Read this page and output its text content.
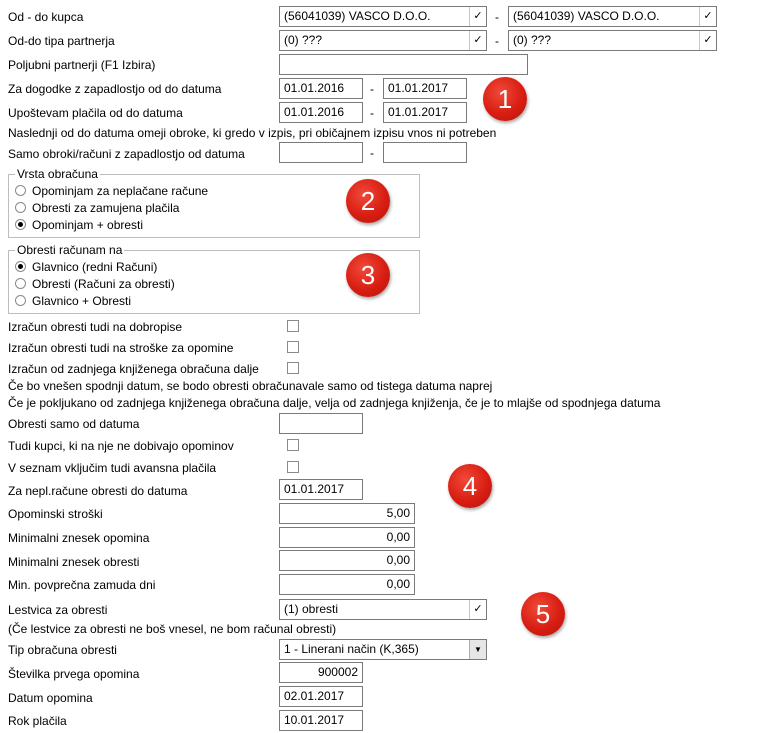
Od - do kupca	(56041039) VASCO D.O.O.	✓ -	(56041039) VASCO D.O.O.	✓
Od-do tipa partnerja	(0) ???	✓ -	(0) ???	✓
Poljubni partnerji (F1 Izbira)
Za dogodke z zapadlostjo od do datuma	01.01.2016	-	01.01.2017
Upoštevam plačila od do datuma	01.01.2016	-	01.01.2017
Naslednji od do datuma omeji obroke, ki gredo v izpis, pri običajnem izpisu vnos ni potreben
Samo obroki/računi z zapadlostjo od datuma	-
Vrsta obračuna
Opominjam za neplačane račune
Obresti za zamujena plačila
Opominjam + obresti
Obresti računam na
Glavnico (redni Računi)
Obresti (Računi za obresti)
Glavnico + Obresti
Izračun obresti tudi na dobropise
Izračun obresti tudi na stroške za opomine
Izračun od zadnjega knjiženega obračuna dalje
Če bo vnešen spodnji datum, se bodo obresti obračunavale samo od tistega datuma naprej
Če je pokljukano od zadnjega knjiženega obračuna dalje, velja od zadnjega knjiženja, če je to mlajše od spodnjega datuma
Obresti samo od datuma
Tudi kupci, ki na nje ne dobivajo opominov
V seznam vključim tudi avansna plačila
Za nepl.račune obresti do datuma	01.01.2017
Opominski stroški	5,00
Minimalni znesek opomina	0,00
Minimalni znesek obresti	0,00
Min. povprečna zamuda dni	0,00
Lestvica za obresti	(1) obresti	✓
(Če lestvice za obresti ne boš vnesel, ne bom računal obresti)
Tip obračuna obresti	1 - Linerani način (K,365)	▼
Številka prvega opomina	900002
Datum opomina	02.01.2017
Rok plačila	10.01.2017
1
2
3
4
5
